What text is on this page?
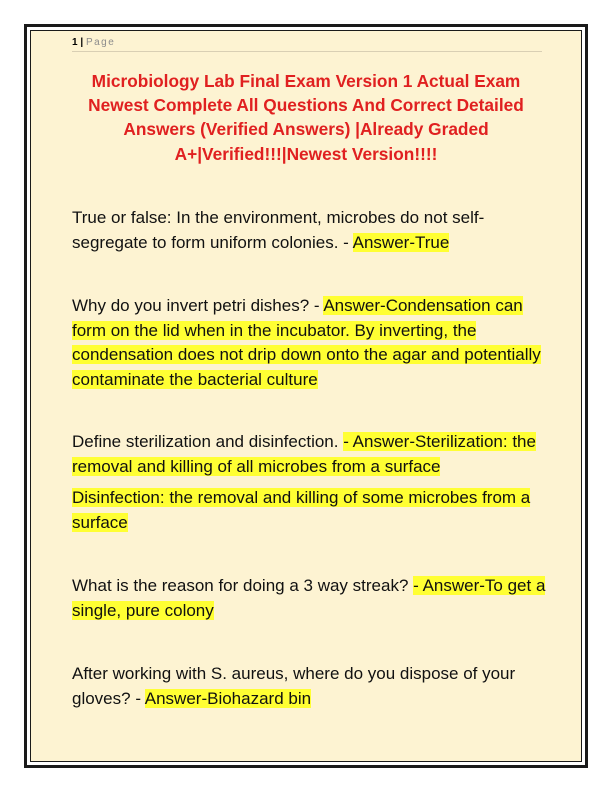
1 | Page
Microbiology Lab Final Exam Version 1 Actual Exam Newest Complete All Questions And Correct Detailed Answers (Verified Answers) |Already Graded A+|Verified!!!|Newest Version!!!!
True or false: In the environment, microbes do not self-segregate to form uniform colonies. - Answer-True
Why do you invert petri dishes? - Answer-Condensation can form on the lid when in the incubator. By inverting, the condensation does not drip down onto the agar and potentially contaminate the bacterial culture
Define sterilization and disinfection. - Answer-Sterilization: the removal and killing of all microbes from a surface
Disinfection: the removal and killing of some microbes from a surface
What is the reason for doing a 3 way streak? - Answer-To get a single, pure colony
After working with S. aureus, where do you dispose of your gloves? - Answer-Biohazard bin
